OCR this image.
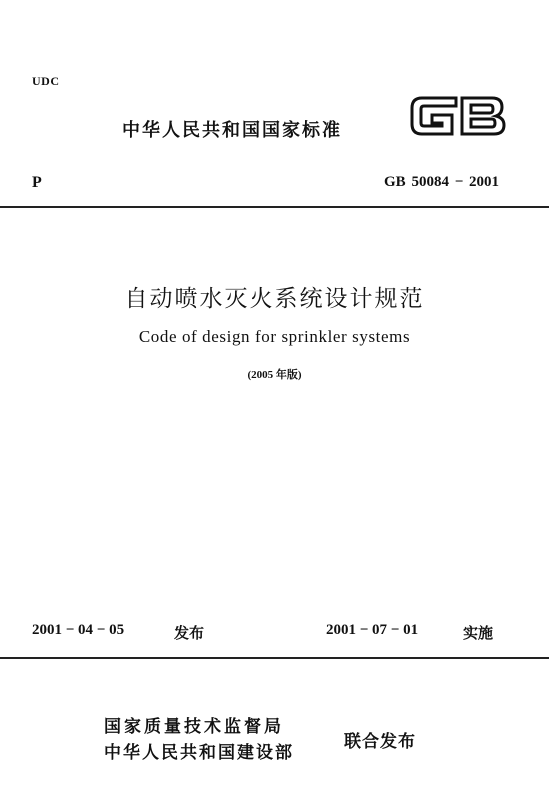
UDC
中华人民共和国国家标准
P	GB 50084 − 2001
自动喷水灭火系统设计规范
Code of design for sprinkler systems
(2005 年版)
2001 − 04 − 05	发布	2001 − 07 − 01	实施
国家质量技术监督局
中华人民共和国建设部
联合发布
